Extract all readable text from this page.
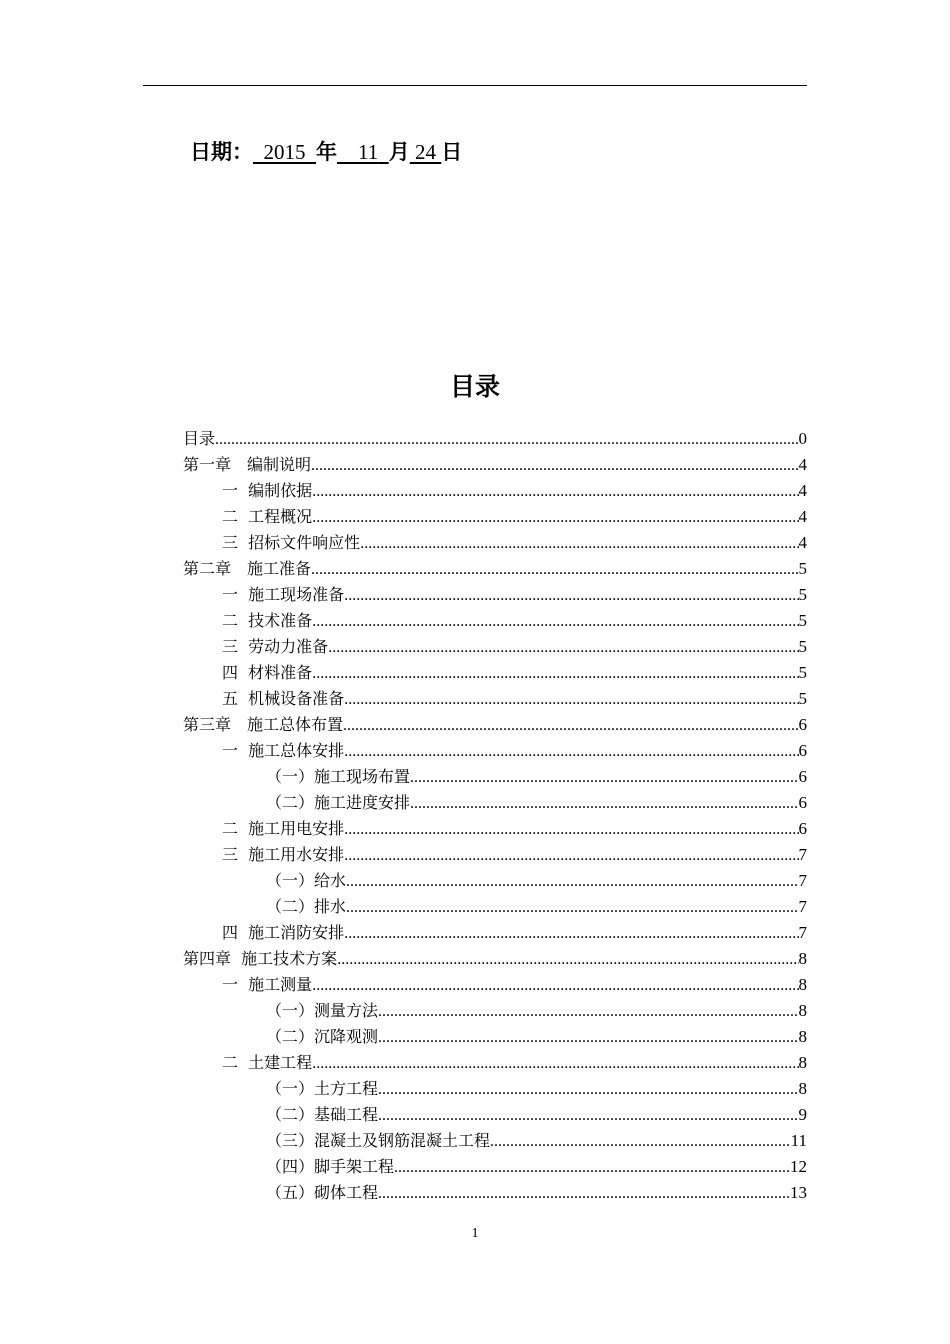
日期： 2015 年 11 月 24 日
目录
目录 .....	0
第一章　编制说明 .....	4
一  编制依据 .....	4
二  工程概况 .....	4
三  招标文件响应性 .....	4
第二章　施工准备 .....	5
一  施工现场准备 .....	5
二  技术准备 .....	5
三  劳动力准备 .....	5
四  材料准备 .....	5
五  机械设备准备 .....	5
第三章　施工总体布置 .....	6
一  施工总体安排 .....	6
（一）施工现场布置 .....	6
（二）施工进度安排 .....	6
二  施工用电安排 .....	6
三  施工用水安排 .....	7
（一）给水 .....	7
（二）排水 .....	7
四  施工消防安排 .....	7
第四章  施工技术方案 .....	8
一  施工测量 .....	8
（一）测量方法 .....	8
（二）沉降观测 .....	8
二  土建工程 .....	8
（一）土方工程 .....	8
（二）基础工程 .....	9
（三）混凝土及钢筋混凝土工程 .....	11
（四）脚手架工程 .....	12
（五）砌体工程 .....	13
1
